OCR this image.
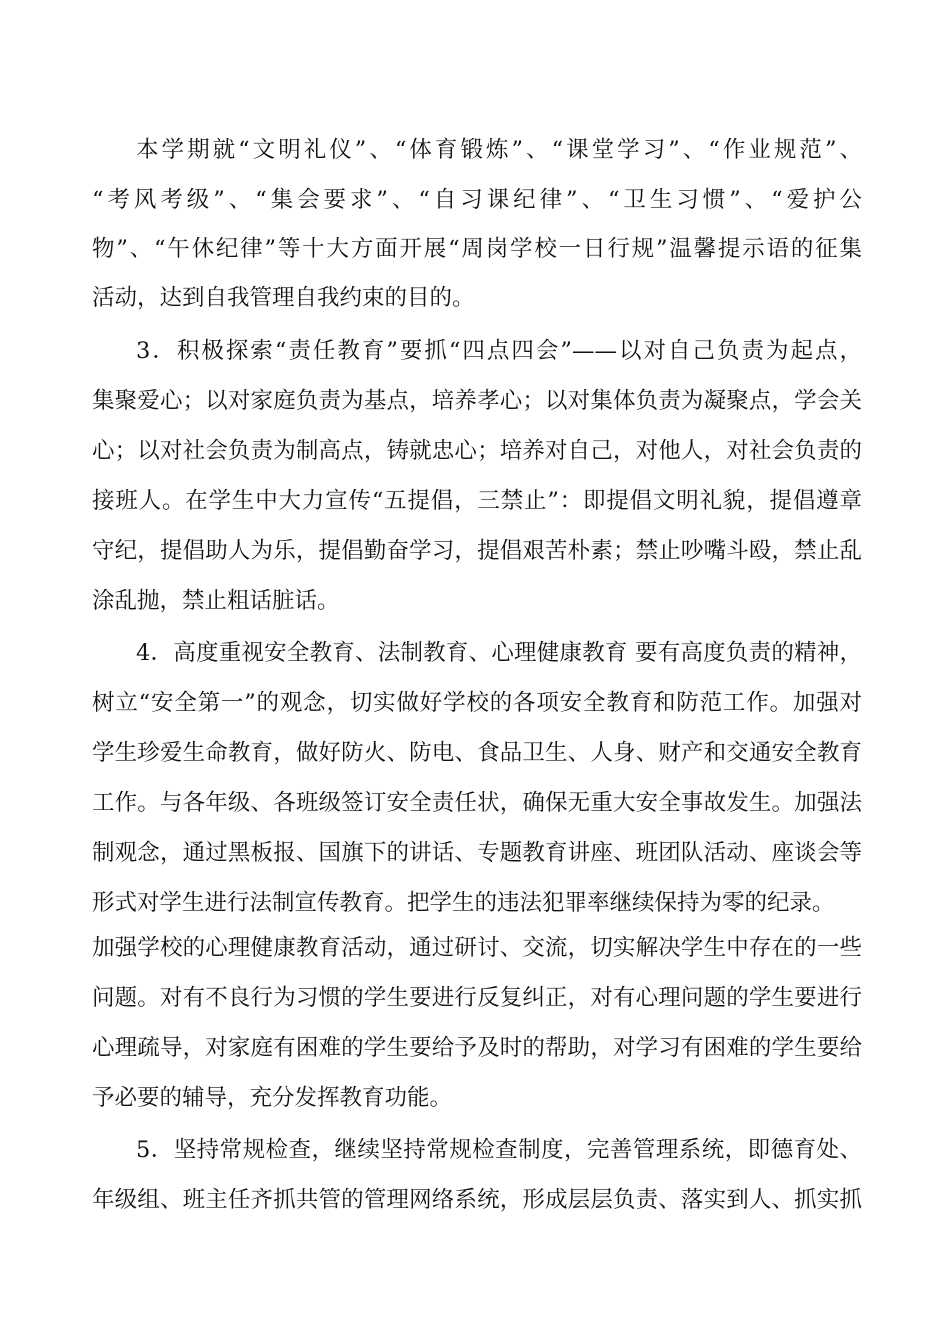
本学期就“文明礼仪”、“体育锻炼”、“课堂学习”、“作业规范”、
“考风考级”、“集会要求”、“自习课纪律”、“卫生习惯”、“爱护公
物”、“午休纪律”等十大方面开展“周岗学校一日行规”温馨提示语的征集
活动，达到自我管理自我约束的目的。
3．积极探索“责任教育”要抓“四点四会”——以对自己负责为起点，
集聚爱心；以对家庭负责为基点，培养孝心；以对集体负责为凝聚点，学会关
心；以对社会负责为制高点，铸就忠心；培养对自己，对他人，对社会负责的
接班人。在学生中大力宣传“五提倡，三禁止”：即提倡文明礼貌，提倡遵章
守纪，提倡助人为乐，提倡勤奋学习，提倡艰苦朴素；禁止吵嘴斗殴，禁止乱
涂乱抛，禁止粗话脏话。
4．高度重视安全教育、法制教育、心理健康教育 要有高度负责的精神，
树立“安全第一”的观念，切实做好学校的各项安全教育和防范工作。加强对
学生珍爱生命教育，做好防火、防电、食品卫生、人身、财产和交通安全教育
工作。与各年级、各班级签订安全责任状，确保无重大安全事故发生。加强法
制观念，通过黑板报、国旗下的讲话、专题教育讲座、班团队活动、座谈会等
形式对学生进行法制宣传教育。把学生的违法犯罪率继续保持为零的纪录。
加强学校的心理健康教育活动，通过研讨、交流，切实解决学生中存在的一些
问题。对有不良行为习惯的学生要进行反复纠正，对有心理问题的学生要进行
心理疏导，对家庭有困难的学生要给予及时的帮助，对学习有困难的学生要给
予必要的辅导，充分发挥教育功能。
5．坚持常规检查，继续坚持常规检查制度，完善管理系统，即德育处、
年级组、班主任齐抓共管的管理网络系统，形成层层负责、落实到人、抓实抓
